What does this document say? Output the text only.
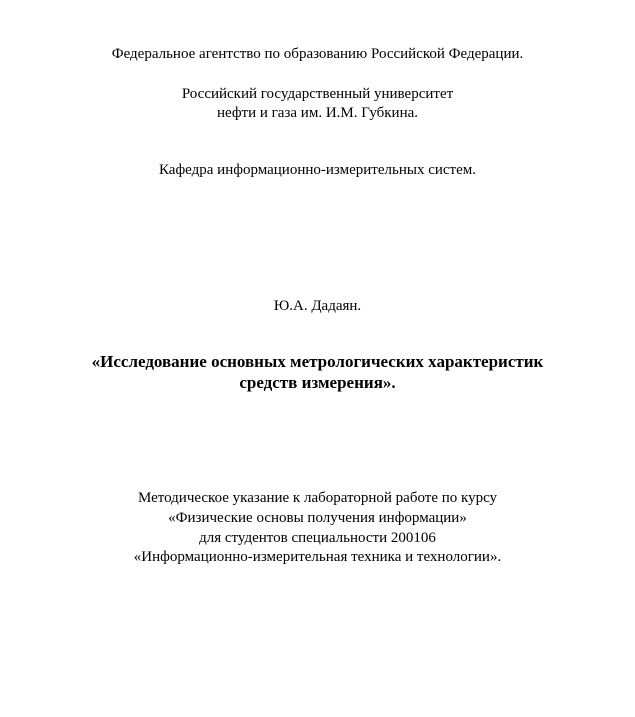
Федеральное агентство по образованию Российской Федерации.
Российский государственный университет
нефти и газа им. И.М. Губкина.
Кафедра информационно-измерительных систем.
Ю.А. Дадаян.
«Исследование основных метрологических характеристик
средств измерения».
Методическое указание к лабораторной работе по курсу
«Физические основы получения информации»
для студентов специальности 200106
«Информационно-измерительная техника и технологии».
